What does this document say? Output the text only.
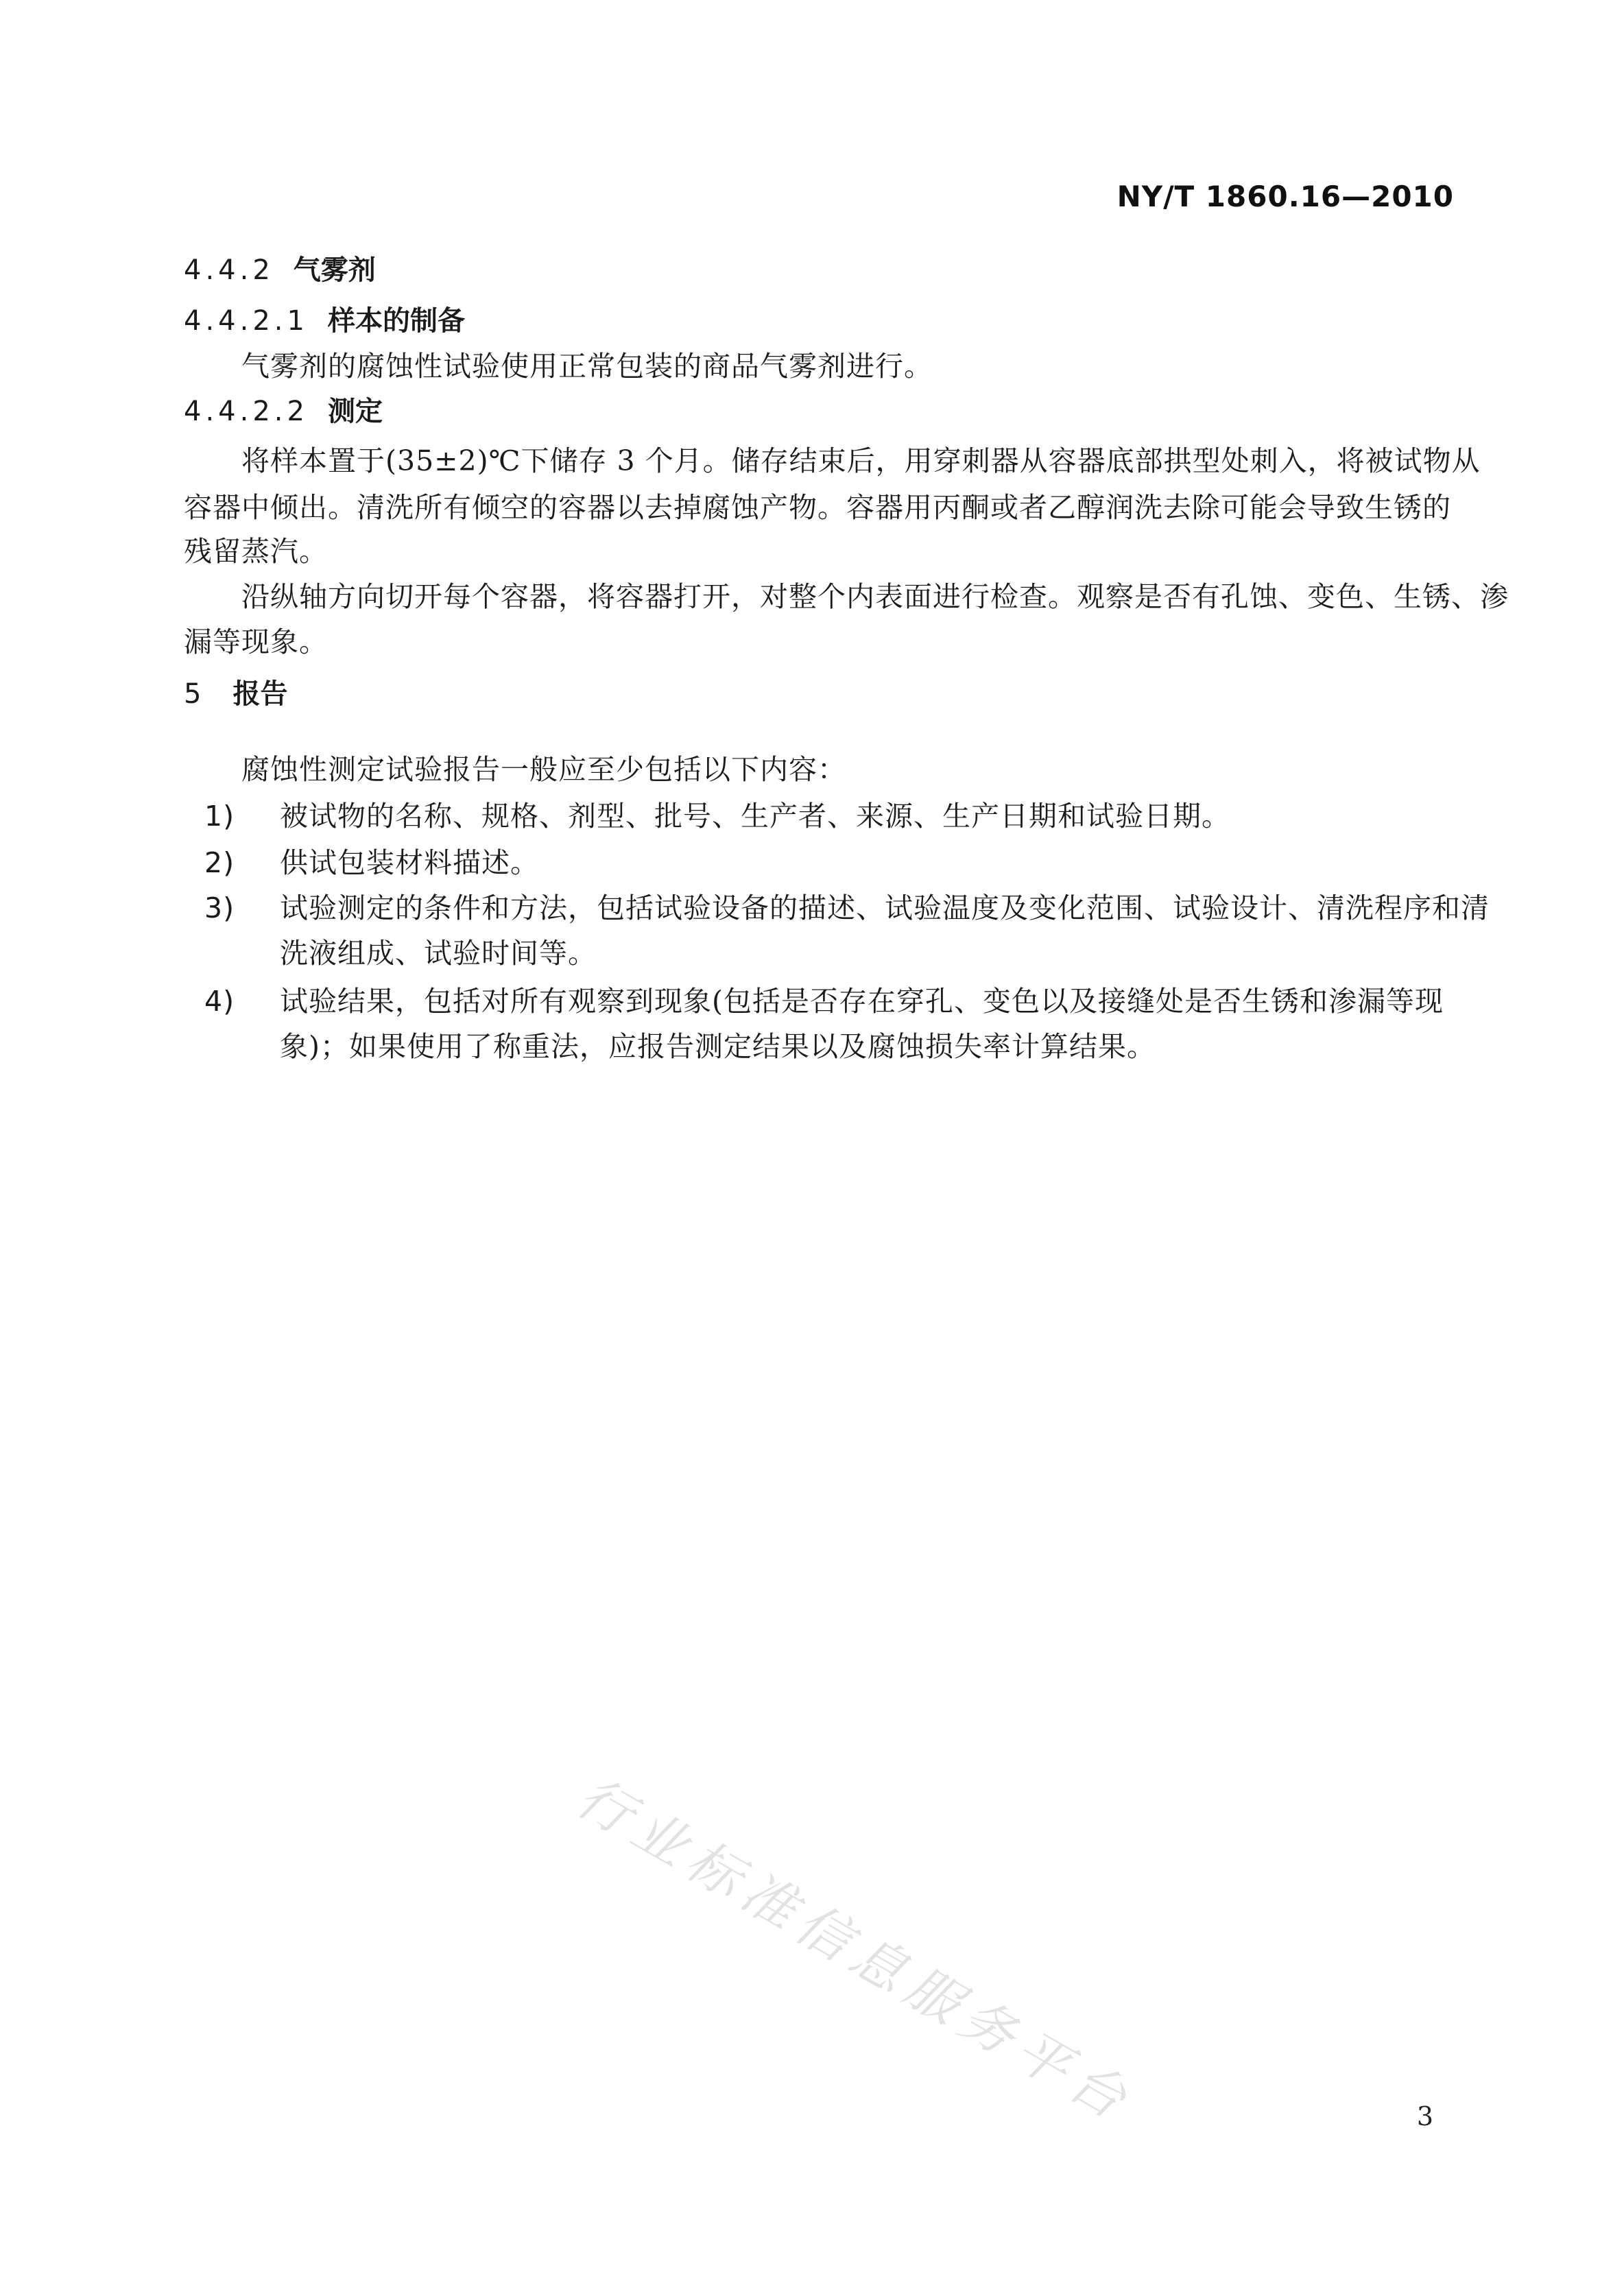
NY/T 1860.16—2010
4.4.2 气雾剂
4.4.2.1 样本的制备
气雾剂的腐蚀性试验使用正常包装的商品气雾剂进行。
4.4.2.2 测定
将样本置于(35±2)℃下储存 3 个月。储存结束后，用穿刺器从容器底部拱型处刺入，将被试物从
容器中倾出。清洗所有倾空的容器以去掉腐蚀产物。容器用丙酮或者乙醇润洗去除可能会导致生锈的
残留蒸汽。
沿纵轴方向切开每个容器，将容器打开，对整个内表面进行检查。观察是否有孔蚀、变色、生锈、渗
漏等现象。
5 报告
腐蚀性测定试验报告一般应至少包括以下内容：
1) 被试物的名称、规格、剂型、批号、生产者、来源、生产日期和试验日期。
2) 供试包装材料描述。
3) 试验测定的条件和方法，包括试验设备的描述、试验温度及变化范围、试验设计、清洗程序和清
洗液组成、试验时间等。
4) 试验结果，包括对所有观察到现象(包括是否存在穿孔、变色以及接缝处是否生锈和渗漏等现
象)；如果使用了称重法，应报告测定结果以及腐蚀损失率计算结果。
行业标准信息服务平台	3
